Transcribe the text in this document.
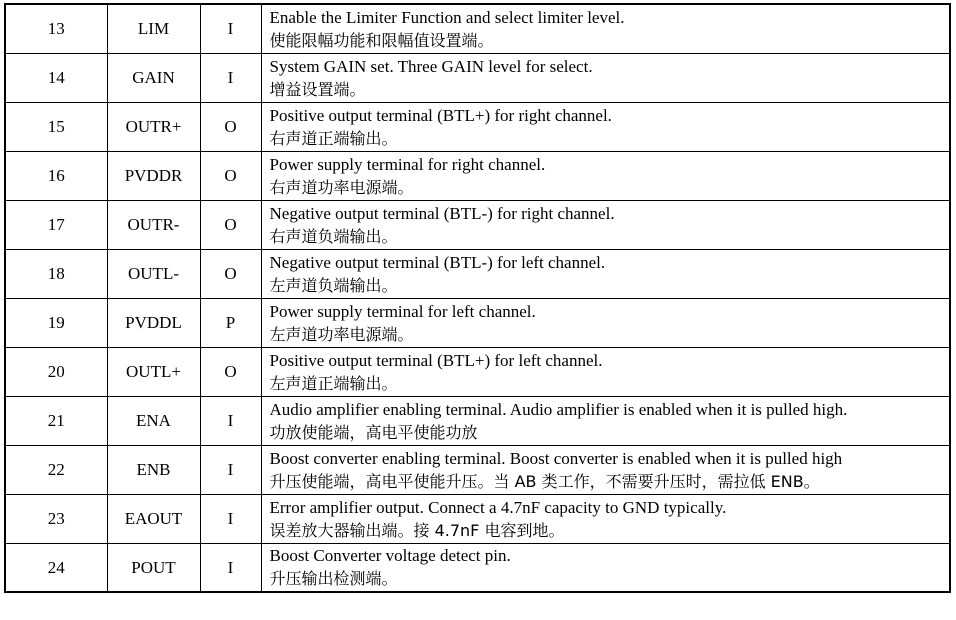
13	LIM	I	Enable the Limiter Function and select limiter level.
使能限幅功能和限幅值设置端。

14	GAIN	I	System GAIN set. Three GAIN level for select.
增益设置端。

15	OUTR+	O	Positive output terminal (BTL+) for right channel.
右声道正端输出。

16	PVDDR	O	Power supply terminal for right channel.
右声道功率电源端。

17	OUTR-	O	Negative output terminal (BTL-) for right channel.
右声道负端输出。

18	OUTL-	O	Negative output terminal (BTL-) for left channel.
左声道负端输出。

19	PVDDL	P	Power supply terminal for left channel.
左声道功率电源端。

20	OUTL+	O	Positive output terminal (BTL+) for left channel.
左声道正端输出。

21	ENA	I	Audio amplifier enabling terminal. Audio amplifier is enabled when it is pulled high.
功放使能端，高电平使能功放

22	ENB	I	Boost converter enabling terminal. Boost converter is enabled when it is pulled high
升压使能端，高电平使能升压。当 AB 类工作，不需要升压时，需拉低 ENB。

23	EAOUT	I	Error amplifier output. Connect a 4.7nF capacity to GND typically.
误差放大器输出端。接 4.7nF 电容到地。

24	POUT	I	Boost Converter voltage detect pin.
升压输出检测端。
